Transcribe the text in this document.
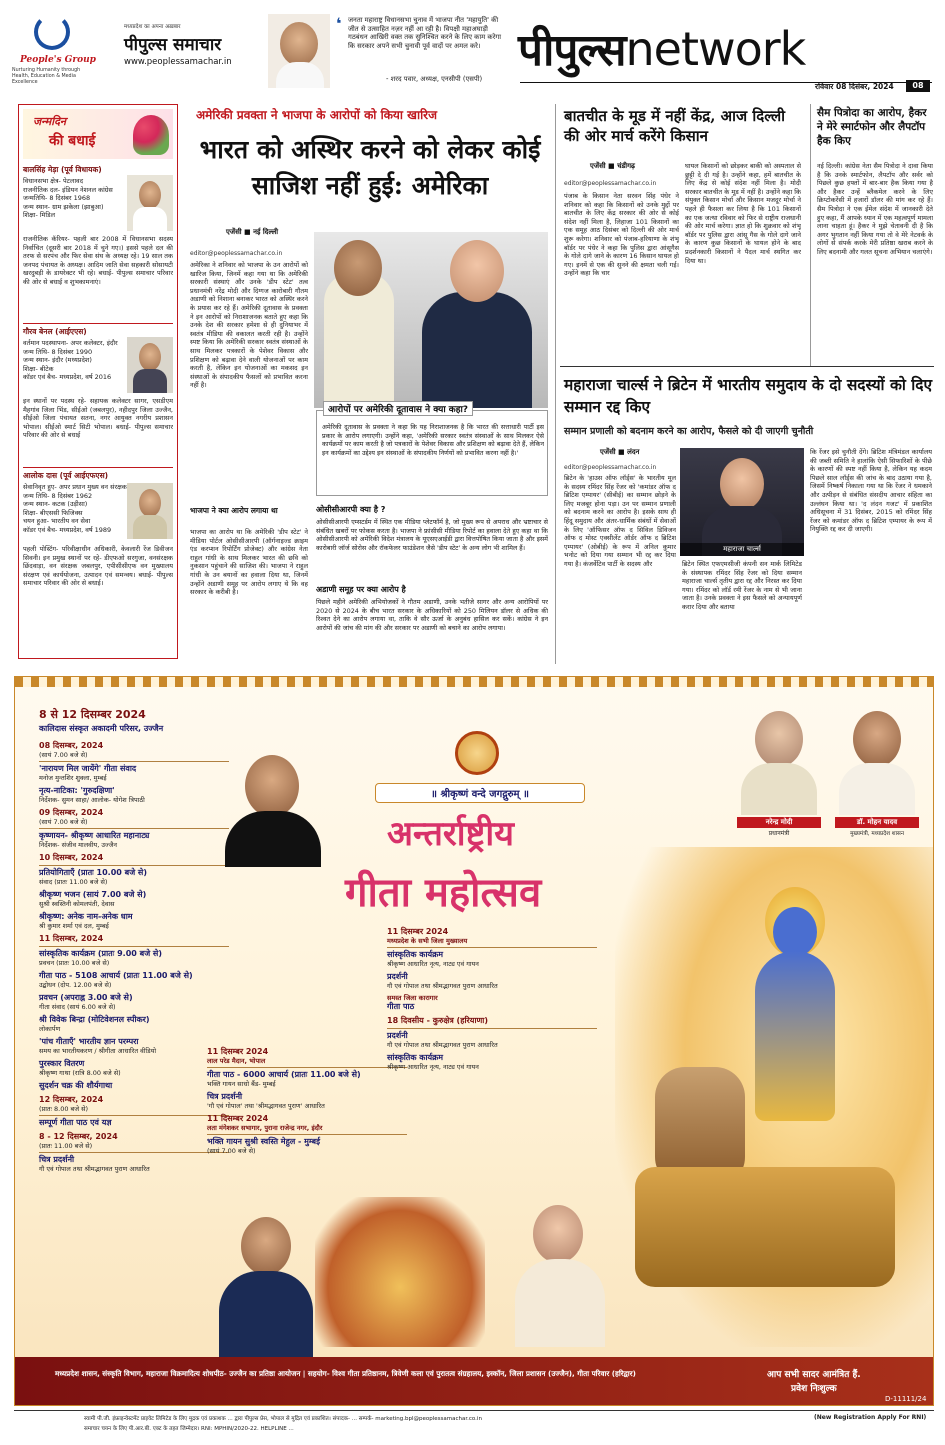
People's Group
Nurturing Humanity through Health, Education & Media Excellence
मध्यप्रदेश का अपना अख़बार
पीपुल्स समाचार
www.peoplessamachar.in
❛ जनता महाराष्ट्र विधानसभा चुनाव में भाजपा नीत 'महायुति' की जीत से उत्साहित नज़र नहीं आ रही है। विपक्षी महाअघाड़ी गठबंधन आखिरी वक्त तक सुनिश्चित करने के लिए काम करेगा कि सरकार अपने सभी चुनावी पूर्व वादों पर अमल करे।
- शरद पवार, अध्यक्ष, एनसीपी (एसपी)
पीपुल्सnetwork
रविवार 08 दिसंबर, 2024	08
जन्मदिन
की बधाई
बालसिंह मेड़ा (पूर्व विधायक)
विधानसभा क्षेत्र- पेटलावद
राजनीतिक दल- इंडियन नेशनल कांग्रेस
जन्मतिथि- 8 दिसंबर 1968
जन्म स्थान- ग्राम झकेला (झाबुआ)
शिक्षा- मिडिल
राजनीतिक कॅरियर- पहली बार 2008 में विधानसभा सदस्य निर्वाचित (दूसरी बार 2018 में चुने गए।) इससे पहले दल की तरफ से सरपंच और फिर सेवा संघ के अध्यक्ष रहे। 19 साल तक जनपद पंचायत के अध्यक्ष। आदिम जाति सेवा सहकारी सोसायटी खरदुबड़ी के डायरेक्टर भी रहे। बधाई- पीपुल्स समाचार परिवार की ओर से बधाई व शुभकामनाएं।
गौरव बेनल (आईएएस)
वर्तमान पदस्थापना- अपर कलेक्टर, इंदौर
जन्म तिथि- 8 दिसंबर 1990
जन्म स्थान- इंदौर (मध्यप्रदेश)
शिक्षा- बीटेक
कॉडर एवं बैच- मध्यप्रदेश, वर्ष 2016
इन स्थानों पर पदस्थ रहे- सहायक कलेक्टर सागर, एसडीएम मैहगांव जिला भिंड, सीईओ (जबलपुर), नहीदपुर जिला उज्जैन, सीईओ जिला पंचायत सतना, नगर आयुक्त नगरीय प्रशासन भोपाल। सीईओ स्मार्ट सिटी भोपाल। बधाई- पीपुल्स समाचार परिवार की ओर से बधाई
आलोक दास (पूर्व आईएफएस)
सेवानिवृत हुए- अपर प्रधान मुख्य वन संरक्षक
जन्म तिथि- 8 दिसंबर 1962
जन्म स्थान- कटक (उड़ीसा)
शिक्षा- बीएससी फिजिक्स
चयन हुआ- भारतीय वन सेवा
कॉडर एवं बैच- मध्यप्रदेश, वर्ष 1989
पहली पोस्टिंग- परिवीक्षाधीन अधिकारी, केवलारी रेंज डिवीजन सिवनी। इन प्रमुख स्थानों पर रहे- डीएफओ सरगुजा, वनसंरक्षक छिंदवाड़ा, वन संरक्षक जबलपुर, एपीसीसीएफ वन मुख्यालय संरक्षण एवं कार्ययोजना, उत्पादन एवं समन्वय। बधाई- पीपुल्स समाचार परिवार की ओर से बधाई।
अमेरिकी प्रवक्ता ने भाजपा के आरोपों को किया खारिज
भारत को अस्थिर करने को लेकर कोई साजिश नहीं हुई: अमेरिका
एजेंसी ■ नई दिल्ली
editor@peoplessamachar.co.in
अमेरिका ने शनिवार को भाजपा के उन आरोपों को खारिज किया, जिनमें कहा गया था कि अमेरिकी सरकारी संस्थाएं और उनके 'डीप स्टेट' तत्व प्रधानमंत्री नरेंद्र मोदी और दिग्गज कारोबारी गौतम अडाणी को निशाना बनाकर भारत को अस्थिर करने के प्रयास कर रहे हैं। अमेरिकी दूतावास के प्रवक्ता ने इन आरोपों को निराशाजनक बताते हुए कहा कि उनके देश की सरकार हमेशा से ही दुनियाभर में स्वतंत्र मीडिया की वकालत करती रही है। उन्होंने स्पष्ट किया कि अमेरिकी सरकार स्वतंत्र संस्थाओं के साथ मिलकर पत्रकारों के पेशेवर विकास और प्रशिक्षण को बढ़ावा देने वाली योजनाओं पर काम करती है, लेकिन इन योजनाओं का मकसद इन संस्थाओं के संपादकीय फैसलों को प्रभावित करना नहीं है।
भाजपा ने क्या आरोप लगाया था
भाजपा का आरोप था कि अमेरिकी 'डीप स्टेट' ने मीडिया पोर्टल ओसीसीआरपी (ऑर्गनाइज्ड क्राइम एंड करप्शन रिपोर्टिंग प्रोजेक्ट) और कांग्रेस नेता राहुल गांधी के साथ मिलकर भारत की छवि को नुकसान पहुंचाने की साजिश की। भाजपा ने राहुल गांधी के उन बयानों का हवाला दिया था, जिनमें उन्होंने अडाणी समूह पर आरोप लगाए थे कि वह सरकार के करीबी है।
आरोपों पर अमेरिकी दूतावास ने क्या कहा?
अमेरिकी दूतावास के प्रवक्ता ने कहा कि यह निराशाजनक है कि भारत की सत्ताधारी पार्टी इस प्रकार के आरोप लगाएगी। उन्होंने कहा, 'अमेरिकी सरकार स्वतंत्र संस्थाओं के साथ मिलकर ऐसे कार्यक्रमों पर काम करती है जो पत्रकारों के पेशेवर विकास और प्रशिक्षण को बढ़ावा देते हैं, लेकिन इन कार्यक्रमों का उद्देश्य इन संस्थाओं के संपादकीय निर्णयों को प्रभावित करना नहीं है।'
ओसीसीआरपी क्या है ?
ओसीसीआरपी एम्सटर्डम में स्थित एक मीडिया प्लेटफॉर्म है, जो मुख्य रूप से अपराध और भ्रष्टाचार से संबंधित खबरों पर फोकस करता है। भाजपा ने फ्रांसीसी मीडिया रिपोर्ट का हवाला देते हुए कहा था कि ओसीसीआरपी को अमेरिकी विदेश मंत्रालय के यूएसएआईडी द्वारा वित्तपोषित किया जाता है और इसमें कारोबारी जॉर्ज सोरोस और रॉकफेलर फाउंडेशन जैसे 'डीप स्टेट' के अन्य लोग भी शामिल हैं।
अडाणी समूह पर क्या आरोप है
पिछले महीने अमेरिकी अभियोजकों ने गौतम अडाणी, उनके भतीजे सागर और अन्य आरोपियों पर 2020 से 2024 के बीच भारत सरकार के अधिकारियों को 250 मिलियन डॉलर से अधिक की रिश्वत देने का आरोप लगाया था, ताकि वे सौर ऊर्जा के अनुबंध हासिल कर सकें। कांग्रेस ने इन आरोपों की जांच की मांग की और सरकार पर अडाणी को बचाने का आरोप लगाया।
बातचीत के मूड में नहीं केंद्र, आज दिल्ली की ओर मार्च करेंगे किसान
एजेंसी ■ चंडीगढ़
editor@peoplessamachar.co.in
पंजाब के किसान नेता सरवन सिंह पंधेर ने शनिवार को कहा कि किसानों को उनके मुद्दों पर बातचीत के लिए केंद्र सरकार की ओर से कोई संदेश नहीं मिला है, लिहाजा 101 किसानों का एक समूह आठ दिसंबर को दिल्ली की ओर मार्च शुरू करेगा। शनिवार को पंजाब-हरियाणा के शंभू बॉर्डर पर पंधेर ने कहा कि पुलिस द्वारा आंसूगैस के गोले दागे जाने के कारण 16 किसान घायल हो गए। इनमें से एक की सुनने की क्षमता चली गई। उन्होंने कहा कि चार
घायल किसानों को छोड़कर बाकी को अस्पताल से छुट्टी दे दी गई है। उन्होंने कहा, हमें बातचीत के लिए केंद्र से कोई संदेश नहीं मिला है। मोदी सरकार बातचीत के मूड में नहीं है। उन्होंने कहा कि संयुक्त किसान मोर्चा और किसान मजदूर मोर्चा ने पहले ही फैसला कर लिया है कि 101 किसानों का एक जत्था रविवार को फिर से राष्ट्रीय राजधानी की ओर मार्च करेगा। ज्ञात हो कि शुक्रवार को शंभू बॉर्डर पर पुलिस द्वारा आंसू गैस के गोले दागे जाने के कारण कुछ किसानों के घायल होने के बाद प्रदर्शनकारी किसानों ने पैदल मार्च स्थगित कर दिया था।
सैम पित्रोदा का आरोप, हैकर ने मेरे स्मार्टफोन और लैपटॉप हैक किए
नई दिल्ली। कांग्रेस नेता सैम पित्रोदा ने दावा किया है कि उनके स्मार्टफोन, लैपटॉप और सर्वर को पिछले कुछ हफ्तों में बार-बार हैक किया गया है और हैकर उन्हें ब्लैकमेल करने के लिए क्रिप्टोकरेंसी में हजारों डॉलर की मांग कर रहे हैं। सैम पित्रोदा ने एक ईमेल संदेश में जानकारी देते हुए कहा, मैं आपके ध्यान में एक महत्वपूर्ण मामला लाना चाहता हूं। हैकर ने मुझे चेतावनी दी है कि अगर भुगतान नहीं किया गया तो वे मेरे नेटवर्क के लोगों से संपर्क करके मेरी प्रतिष्ठा खराब करने के लिए बदनामी और गलत सूचना अभियान चलाएंगे।
महाराजा चार्ल्स ने ब्रिटेन में भारतीय समुदाय के दो सदस्यों को दिए सम्मान रद्द किए
सम्मान प्रणाली को बदनाम करने का आरोप, फैसले को दी जाएगी चुनौती
एजेंसी ■ लंदन
editor@peoplessamachar.co.in
ब्रिटेन के 'हाउस ऑफ लॉर्ड्स' के भारतीय मूल के सदस्य रमिंदर सिंह रेंजर को 'कमांडर ऑफ द ब्रिटिश एम्पायर' (सीबीई) का सम्मान छोड़ने के लिए मजबूर होना पड़ा। उन पर सम्मान प्रणाली को बदनाम करने का आरोप है। इसके साथ ही हिंदू समुदाय और अंतर-धार्मिक संबंधों में सेवाओं के लिए 'ऑफिसर ऑफ द सिविल डिविजन ऑफ द मोस्ट एक्सीलेंट ऑर्डर ऑफ द ब्रिटिश एम्पायर' (ओबीई) के रूप में अनिल कुमार भनोट को दिया गया सम्मान भी रद्द कर दिया गया है। कंजर्वेटिव पार्टी के सदस्य और
महाराजा चार्ल्स
ब्रिटेन स्थित एफएमसीजी कंपनी सन मार्क लिमिटेड के संस्थापक रमिंदर सिंह रेंजर को दिया सम्मान महाराजा चार्ल्स तृतीय द्वारा रद्द और निरस्त कर दिया गया। रमिंदर को लॉर्ड रमी रेंजर के नाम से भी जाना जाता है। उनके प्रवक्ता ने इस फैसले को अन्यायपूर्ण करार दिया और बताया
कि रेंजर इसे चुनौती देंगे। ब्रिटिश मंत्रिमंडल कार्यालय की जब्ती समिति ने हालांकि ऐसी सिफारिशों के पीछे के कारणों की स्पष्ट नहीं किया है, लेकिन यह कदम पिछले साल लॉर्ड्स की जांच के बाद उठाया गया है, जिसमें निष्कर्ष निकाला गया था कि रेंजर ने धमकाने और उत्पीड़न से संबंधित संसदीय आचार संहिता का उल्लंघन किया था। 'द लंदन गजट' में प्रकाशित अधिसूचना में 31 दिसंबर, 2015 को रमिंदर सिंह रेंजर को कमांडर ऑफ द ब्रिटिश एम्पायर के रूप में नियुक्ति रद्द कर दी जाएगी।
8 से 12 दिसम्बर 2024
कालिदास संस्कृत अकादमी परिसर, उज्जैन
08 दिसम्बर, 2024
(सायं 7.00 बजे से)
'नारायण मिल जायेंगे' गीता संवाद
मनोज मुन्तशिर शुक्ला, मुम्बई
नृत्य-नाटिका: 'गुरुदक्षिणा'
निर्देशक- सुमन साहा/ आलोक- योगेश त्रिपाठी
09 दिसम्बर, 2024
(सायं 7.00 बजे से)
कृष्णायन- श्रीकृष्ण आधारित महानाट्य
निर्देशक- संजीव मालवीय, उज्जैन
10 दिसम्बर, 2024
प्रतियोगिताएँ (प्रातः 10.00 बजे से)
संवाद (प्रातः 11.00 बजे से)
श्रीकृष्ण भजन (सायं 7.00 बजे से)
सुश्री स्वस्तिनी कोमलपंती, देवास
श्रीकृष्ण: अनेक नाम-अनेक धाम
श्री कुमार शर्मा एवं दल, मुम्बई
11 दिसम्बर, 2024
सांस्कृतिक कार्यक्रम (प्रातः 9.00 बजे से)
प्रवचन (प्रातः 10.00 बजे से)
गीता पाठ - 5108 आचार्य (प्रातः 11.00 बजे से)
उद्बोधन (दोप. 12.00 बजे से)
प्रवचन (अपराह्न 3.00 बजे से)
गीता संवाद (सायं 6.00 बजे से)
श्री विवेक बिन्द्रा (मोटिवेशनल स्पीकर)
लोकार्पण
'पांच गीताएँ' भारतीय ज्ञान परम्परा
समय का भारतीयकरण / श्रीगीता आधारित वीडियो
पुरस्कार वितरण
श्रीकृष्ण गाथा (रात्रि 8.00 बजे से)
सुदर्शन चक्र की शौर्यगाथा
12 दिसम्बर, 2024
(प्रातः 8.00 बजे से)
सम्पूर्ण गीता पाठ एवं यज्ञ
8 - 12 दिसम्बर, 2024
(प्रातः 11.00 बजे से)
चित्र प्रदर्शनी
गौ एवं गोपाल तथा श्रीमद्भागवत पुराण आधारित
॥ श्रीकृष्णं वन्दे जगद्गुरुम् ॥
अन्तर्राष्ट्रीय
गीता महोत्सव
नरेन्द्र मोदी
प्रधानमंत्री
डॉ. मोहन यादव
मुख्यमंत्री, मध्यप्रदेश शासन
11 दिसम्बर 2024
लाल परेड मैदान, भोपाल
गीता पाठ - 6000 आचार्य (प्रातः 11.00 बजे से)
भक्ति गायन साधो बैंड- मुम्बई
चित्र प्रदर्शनी
'गौ एवं गोपाल' तथा 'श्रीमद्भागवत पुराण' आधारित
11 दिसम्बर 2024
लता मंगेशकर सभागार, पुराना राजेन्द्र नगर, इंदौर
भक्ति गायन सुश्री स्वस्ति मेहुल - मुम्बई
(सायं 7.00 बजे से)
11 दिसम्बर 2024
मध्यप्रदेश के सभी जिला मुख्यालय
सांस्कृतिक कार्यक्रम
श्रीकृष्ण आधारित नृत्य, नाट्य एवं गायन
प्रदर्शनी
गौ एवं गोपाल तथा श्रीमद्भागवत पुराण आधारित
समस्त जिला कारागार
गीता पाठ
18 दिवसीय - कुरुक्षेत्र (हरियाणा)
प्रदर्शनी
गौ एवं गोपाल तथा श्रीमद्भागवत पुराण आधारित
सांस्कृतिक कार्यक्रम
श्रीकृष्ण आधारित नृत्य, नाट्य एवं गायन
मध्यप्रदेश शासन, संस्कृति विभाग, महाराजा विक्रमादित्य शोधपीठ- उज्जैन का प्रतिष्ठा आयोजन | सहयोग- विश्व गीता प्रतिष्ठानम, त्रिवेणी कला एवं पुरातत्व संग्रहालय, इस्कॉन, जिला प्रशासन (उज्जैन), गीता परिवार (हरिद्वार)	आप सभी सादर आमंत्रित हैं.
प्रवेश निःशुल्क
D-11111/24
स्वामी पी.जी. इंफ्राइन्वेस्टमेंट प्राइवेट लिमिटेड के लिए मुद्रक एवं प्रकाशक ... द्वारा पीपुल्स प्रेस, भोपाल से मुद्रित एवं प्रकाशित। संपादक- ... सम्पर्क- marketing.bpl@peoplessamachar.co.in
समाचार चयन के लिए पी.आर.बी. एक्ट के तहत जिम्मेदार। RNI: MPHIN/2020-22. HELPLINE ...
(New Registration Apply For RNI)
